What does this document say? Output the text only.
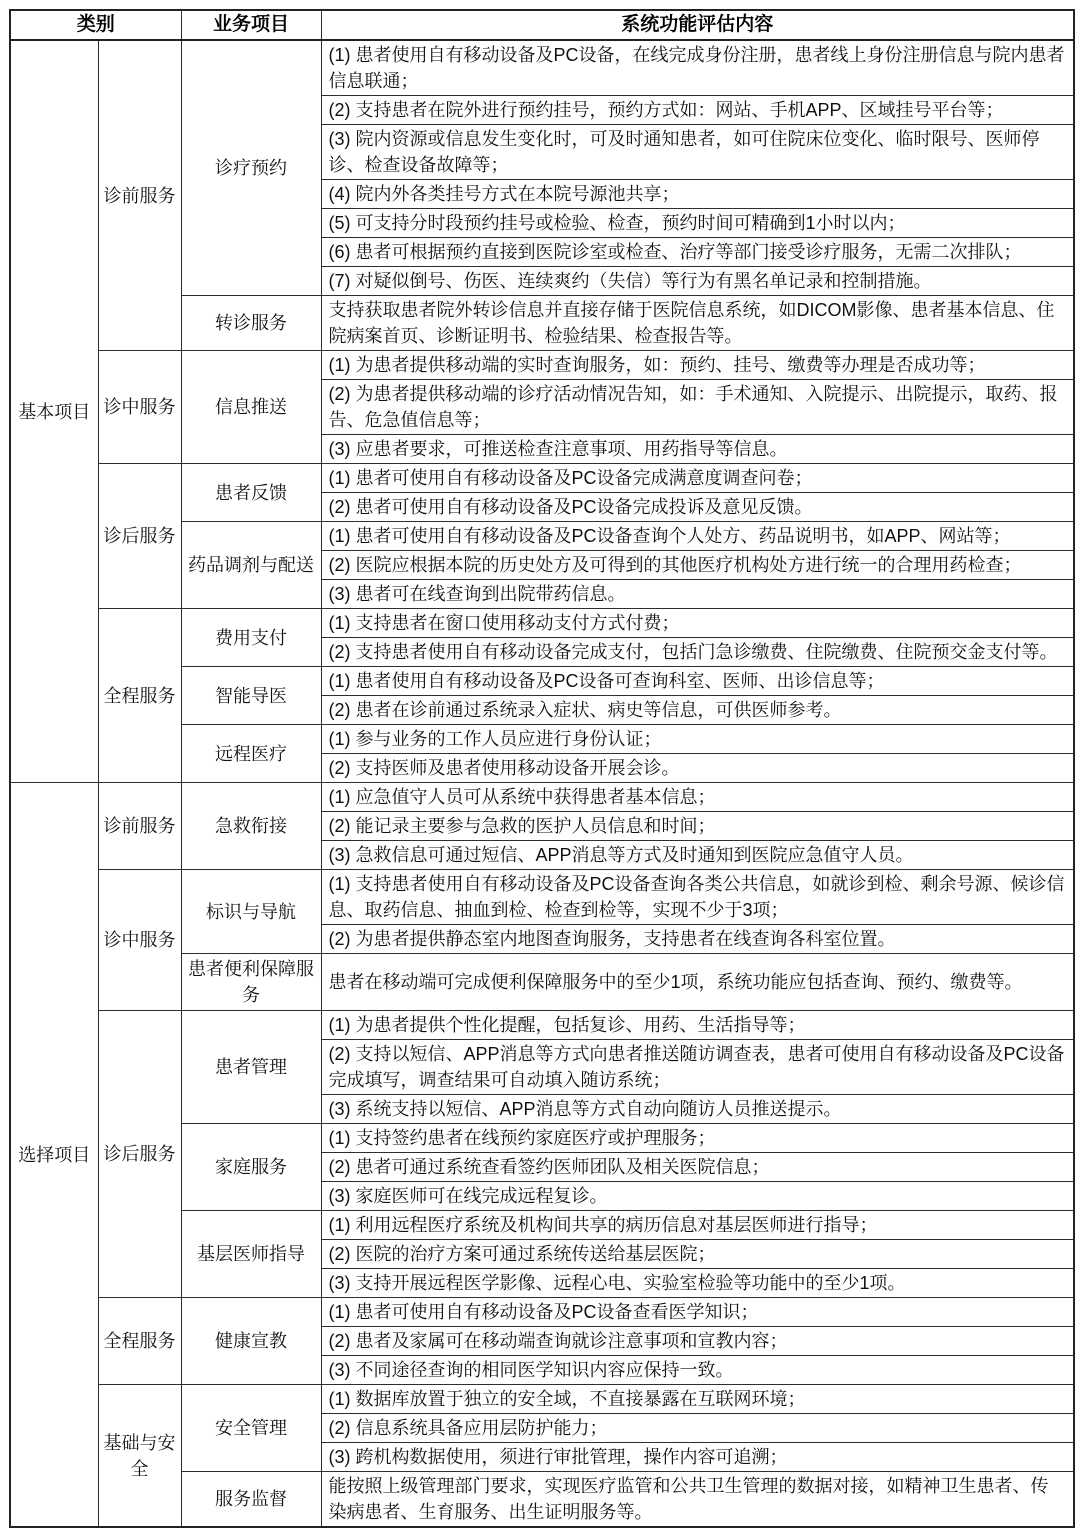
类别		业务项目	系统功能评估内容
基本项目	诊前服务	诊疗预约	(1) 患者使用自有移动设备及PC设备，在线完成身份注册，患者线上身份注册信息与院内患者信息联通；
			(2) 支持患者在院外进行预约挂号，预约方式如：网站、手机APP、区域挂号平台等；
			(3) 院内资源或信息发生变化时，可及时通知患者，如可住院床位变化、临时限号、医师停诊、检查设备故障等；
			(4) 院内外各类挂号方式在本院号源池共享；
			(5) 可支持分时段预约挂号或检验、检查，预约时间可精确到1小时以内；
			(6) 患者可根据预约直接到医院诊室或检查、治疗等部门接受诊疗服务，无需二次排队；
			(7) 对疑似倒号、伤医、连续爽约（失信）等行为有黑名单记录和控制措施。
		转诊服务	支持获取患者院外转诊信息并直接存储于医院信息系统，如DICOM影像、患者基本信息、住院病案首页、诊断证明书、检验结果、检查报告等。
	诊中服务	信息推送	(1) 为患者提供移动端的实时查询服务，如：预约、挂号、缴费等办理是否成功等；
			(2) 为患者提供移动端的诊疗活动情况告知，如：手术通知、入院提示、出院提示，取药、报告、危急值信息等；
			(3) 应患者要求，可推送检查注意事项、用药指导等信息。
	诊后服务	患者反馈	(1) 患者可使用自有移动设备及PC设备完成满意度调查问卷；
			(2) 患者可使用自有移动设备及PC设备完成投诉及意见反馈。
		药品调剂与配送	(1) 患者可使用自有移动设备及PC设备查询个人处方、药品说明书，如APP、网站等；
			(2) 医院应根据本院的历史处方及可得到的其他医疗机构处方进行统一的合理用药检查；
			(3) 患者可在线查询到出院带药信息。
	全程服务	费用支付	(1) 支持患者在窗口使用移动支付方式付费；
			(2) 支持患者使用自有移动设备完成支付，包括门急诊缴费、住院缴费、住院预交金支付等。
		智能导医	(1) 患者使用自有移动设备及PC设备可查询科室、医师、出诊信息等；
			(2) 患者在诊前通过系统录入症状、病史等信息，可供医师参考。
		远程医疗	(1) 参与业务的工作人员应进行身份认证；
			(2) 支持医师及患者使用移动设备开展会诊。
选择项目	诊前服务	急救衔接	(1) 应急值守人员可从系统中获得患者基本信息；
			(2) 能记录主要参与急救的医护人员信息和时间；
			(3) 急救信息可通过短信、APP消息等方式及时通知到医院应急值守人员。
	诊中服务	标识与导航	(1) 支持患者使用自有移动设备及PC设备查询各类公共信息，如就诊到检、剩余号源、候诊信息、取药信息、抽血到检、检查到检等，实现不少于3项；
			(2) 为患者提供静态室内地图查询服务，支持患者在线查询各科室位置。
		患者便利保障服务	患者在移动端可完成便利保障服务中的至少1项，系统功能应包括查询、预约、缴费等。
	诊后服务	患者管理	(1) 为患者提供个性化提醒，包括复诊、用药、生活指导等；
			(2) 支持以短信、APP消息等方式向患者推送随访调查表，患者可使用自有移动设备及PC设备完成填写，调查结果可自动填入随访系统；
			(3) 系统支持以短信、APP消息等方式自动向随访人员推送提示。
		家庭服务	(1) 支持签约患者在线预约家庭医疗或护理服务；
			(2) 患者可通过系统查看签约医师团队及相关医院信息；
			(3) 家庭医师可在线完成远程复诊。
		基层医师指导	(1) 利用远程医疗系统及机构间共享的病历信息对基层医师进行指导；
			(2) 医院的治疗方案可通过系统传送给基层医院；
			(3) 支持开展远程医学影像、远程心电、实验室检验等功能中的至少1项。
	全程服务	健康宣教	(1) 患者可使用自有移动设备及PC设备查看医学知识；
			(2) 患者及家属可在移动端查询就诊注意事项和宣教内容；
			(3) 不同途径查询的相同医学知识内容应保持一致。
	基础与安全	安全管理	(1) 数据库放置于独立的安全域，不直接暴露在互联网环境；
			(2) 信息系统具备应用层防护能力；
			(3) 跨机构数据使用，须进行审批管理，操作内容可追溯；
		服务监督	能按照上级管理部门要求，实现医疗监管和公共卫生管理的数据对接，如精神卫生患者、传染病患者、生育服务、出生证明服务等。
